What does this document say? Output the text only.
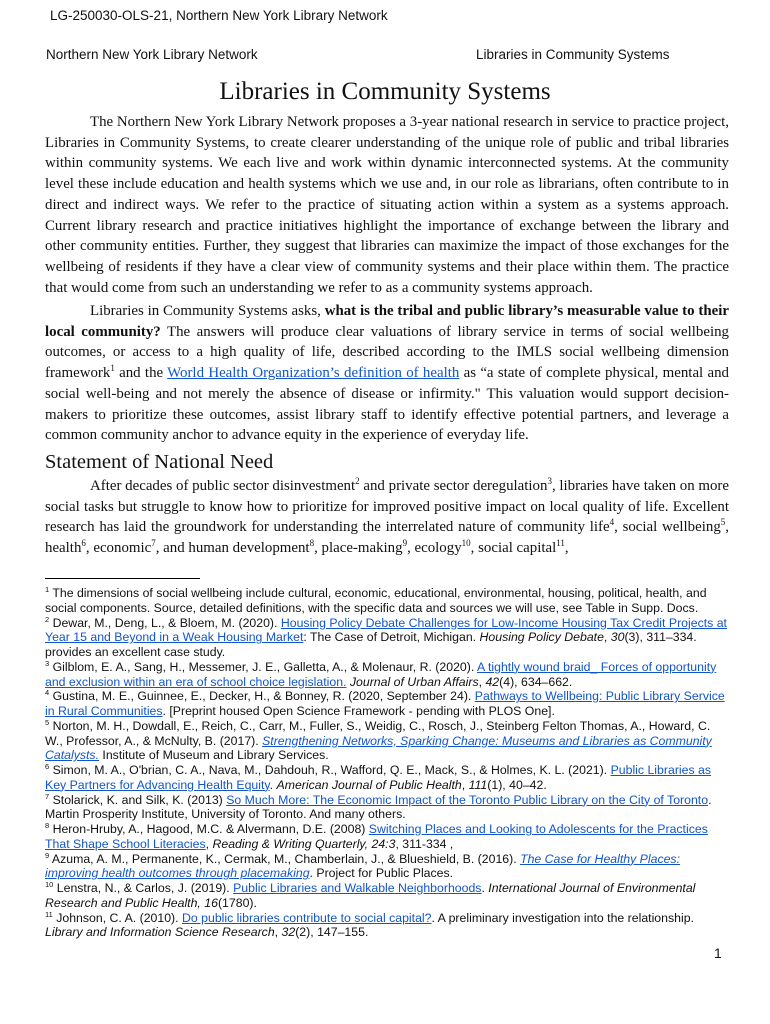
LG-250030-OLS-21, Northern New York Library Network
Northern New York Library Network	Libraries in Community Systems
Libraries in Community Systems

The Northern New York Library Network proposes a 3-year national research in service to practice project, Libraries in Community Systems, to create clearer understanding of the unique role of public and tribal libraries within community systems. We each live and work within dynamic interconnected systems. At the community level these include education and health systems which we use and, in our role as librarians, often contribute to in direct and indirect ways. We refer to the practice of situating action within a system as a systems approach. Current library research and practice initiatives highlight the importance of exchange between the library and other community entities. Further, they suggest that libraries can maximize the impact of those exchanges for the wellbeing of residents if they have a clear view of community systems and their place within them. The practice that would come from such an understanding we refer to as a community systems approach.

Libraries in Community Systems asks, what is the tribal and public library’s measurable value to their local community? The answers will produce clear valuations of library service in terms of social wellbeing outcomes, or access to a high quality of life, described according to the IMLS social wellbeing dimension framework$^1$ and the World Health Organization’s definition of health as “a state of complete physical, mental and social well-being and not merely the absence of disease or infirmity." This valuation would support decision-makers to prioritize these outcomes, assist library staff to identify effective potential partners, and leverage a common community anchor to advance equity in the experience of everyday life.

Statement of National Need

After decades of public sector disinvestment$^2$ and private sector deregulation$^3$, libraries have taken on more social tasks but struggle to know how to prioritize for improved positive impact on local quality of life. Excellent research has laid the groundwork for understanding the interrelated nature of community life$^4$, social wellbeing$^5$, health$^6$, economic$^7$, and human development$^8$, place-making$^9$, ecology$^{10}$, social capital$^{11}$,

$^1$ The dimensions of social wellbeing include cultural, economic, educational, environmental, housing, political, health, and social components. Source, detailed definitions, with the specific data and sources we will use, see Table in Supp. Docs.
$^2$ Dewar, M., Deng, L., & Bloem, M. (2020). Housing Policy Debate Challenges for Low-Income Housing Tax Credit Projects at Year 15 and Beyond in a Weak Housing Market: The Case of Detroit, Michigan. Housing Policy Debate, 30(3), 311–334. provides an excellent case study.
$^3$ Gilblom, E. A., Sang, H., Messemer, J. E., Galletta, A., & Molenaur, R. (2020). A tightly wound braid_ Forces of opportunity and exclusion within an era of school choice legislation. Journal of Urban Affairs, 42(4), 634–662.
$^4$ Gustina, M. E., Guinnee, E., Decker, H., & Bonney, R. (2020, September 24). Pathways to Wellbeing: Public Library Service in Rural Communities. [Preprint housed Open Science Framework - pending with PLOS One].
$^5$ Norton, M. H., Dowdall, E., Reich, C., Carr, M., Fuller, S., Weidig, C., Rosch, J., Steinberg Felton Thomas, A., Howard, C. W., Professor, A., & McNulty, B. (2017). Strengthening Networks, Sparking Change: Museums and Libraries as Community Catalysts. Institute of Museum and Library Services.
$^6$ Simon, M. A., O'brian, C. A., Nava, M., Dahdouh, R., Wafford, Q. E., Mack, S., & Holmes, K. L. (2021). Public Libraries as Key Partners for Advancing Health Equity. American Journal of Public Health, 111(1), 40–42.
$^7$ Stolarick, K. and Silk, K. (2013) So Much More: The Economic Impact of the Toronto Public Library on the City of Toronto. Martin Prosperity Institute, University of Toronto. And many others.
$^8$ Heron-Hruby, A., Hagood, M.C. & Alvermann, D.E. (2008) Switching Places and Looking to Adolescents for the Practices That Shape School Literacies, Reading & Writing Quarterly, 24:3, 311-334 ,
$^9$ Azuma, A. M., Permanente, K., Cermak, M., Chamberlain, J., & Blueshield, B. (2016). The Case for Healthy Places: improving health outcomes through placemaking. Project for Public Places.
$^{10}$ Lenstra, N., & Carlos, J. (2019). Public Libraries and Walkable Neighborhoods. International Journal of Environmental Research and Public Health, 16(1780).
$^{11}$ Johnson, C. A. (2010). Do public libraries contribute to social capital?. A preliminary investigation into the relationship. Library and Information Science Research, 32(2), 147–155.
1
